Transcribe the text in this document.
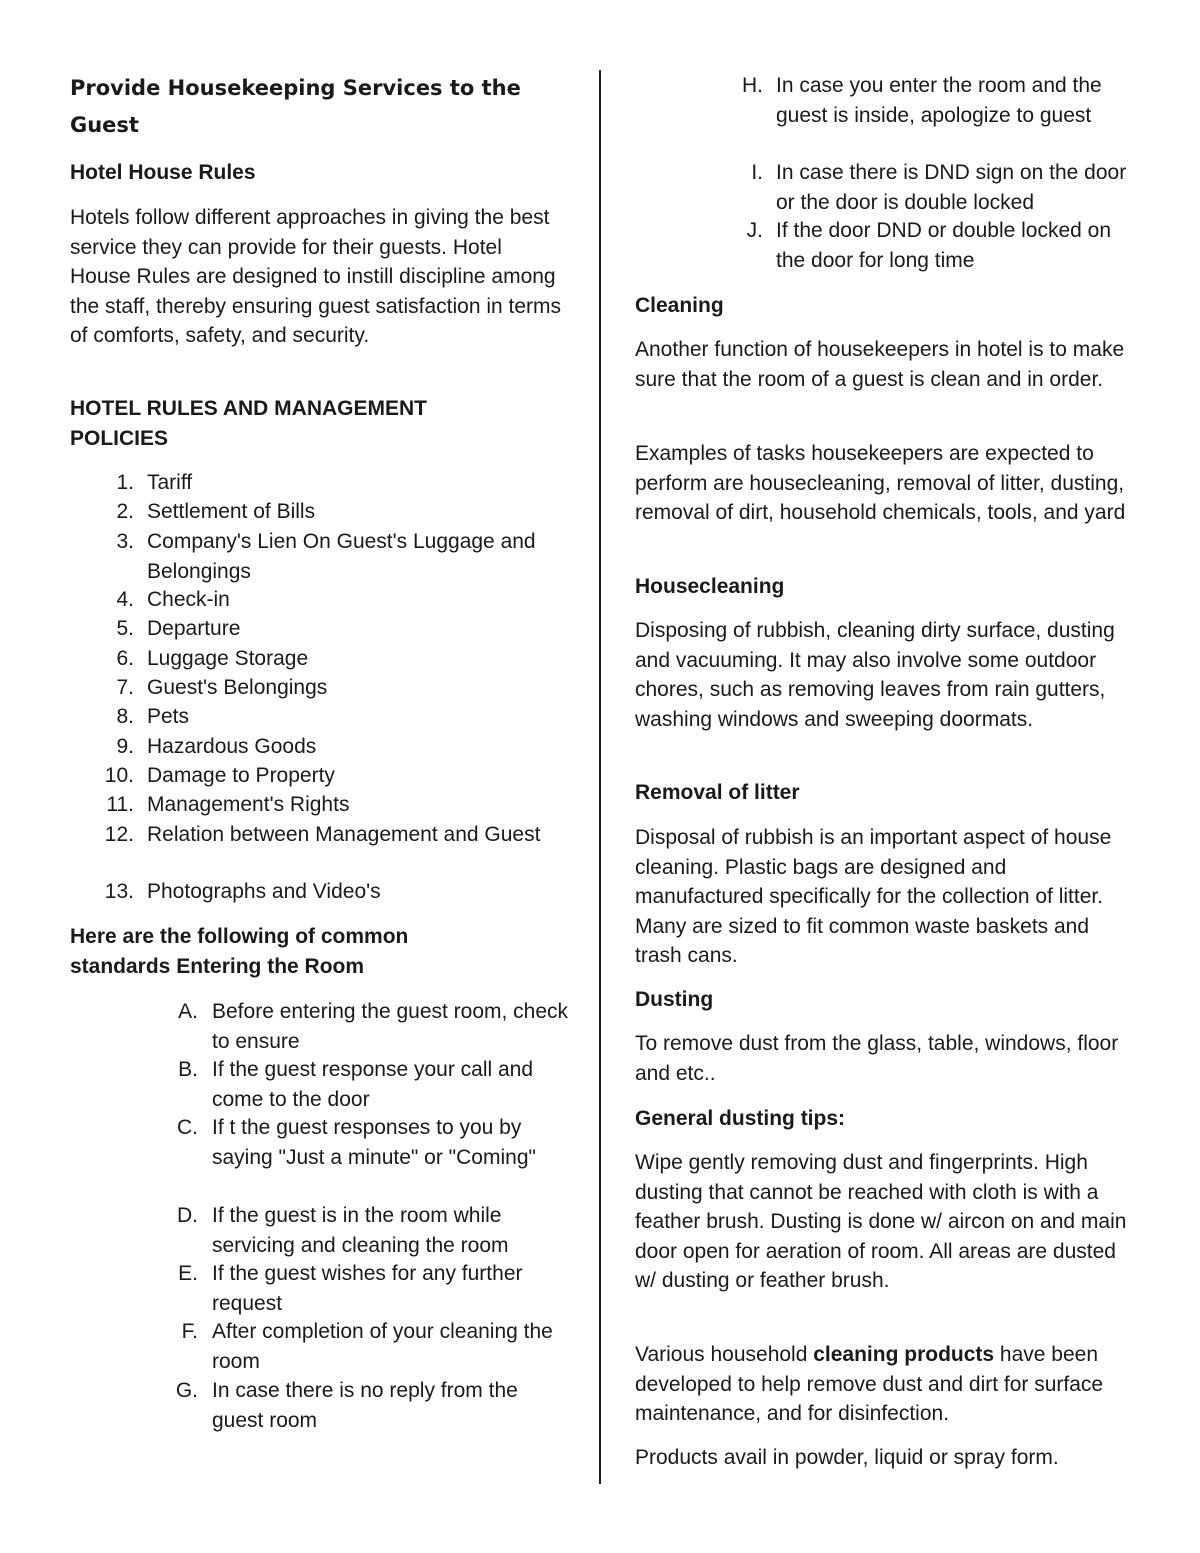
Provide Housekeeping Services to the Guest
Hotel House Rules

Hotels follow different approaches in giving the best service they can provide for their guests. Hotel House Rules are designed to instill discipline among the staff, thereby ensuring guest satisfaction in terms of comforts, safety, and security.

HOTEL RULES AND MANAGEMENT POLICIES
1. Tariff
2. Settlement of Bills
3. Company's Lien On Guest's Luggage and Belongings
4. Check-in
5. Departure
6. Luggage Storage
7. Guest's Belongings
8. Pets
9. Hazardous Goods
10. Damage to Property
11. Management's Rights
12. Relation between Management and Guest
13. Photographs and Video's
Here are the following of common standards Entering the Room
A. Before entering the guest room, check to ensure
B. If the guest response your call and come to the door
C. If t the guest responses to you by saying "Just a minute" or "Coming"
D. If the guest is in the room while servicing and cleaning the room
E. If the guest wishes for any further request
F. After completion of your cleaning the room
G. In case there is no reply from the guest room
H. In case you enter the room and the guest is inside, apologize to guest
I. In case there is DND sign on the door or the door is double locked
J. If the door DND or double locked on the door for long time
Cleaning

Another function of housekeepers in hotel is to make sure that the room of a guest is clean and in order.

Examples of tasks housekeepers are expected to perform are housecleaning, removal of litter, dusting, removal of dirt, household chemicals, tools, and yard

Housecleaning

Disposing of rubbish, cleaning dirty surface, dusting and vacuuming. It may also involve some outdoor chores, such as removing leaves from rain gutters, washing windows and sweeping doormats.

Removal of litter

Disposal of rubbish is an important aspect of house cleaning. Plastic bags are designed and manufactured specifically for the collection of litter. Many are sized to fit common waste baskets and trash cans.

Dusting

To remove dust from the glass, table, windows, floor and etc..

General dusting tips:

Wipe gently removing dust and fingerprints. High dusting that cannot be reached with cloth is with a feather brush. Dusting is done w/ aircon on and main door open for aeration of room. All areas are dusted w/ dusting or feather brush.

Various household cleaning products have been developed to help remove dust and dirt for surface maintenance, and for disinfection.

Products avail in powder, liquid or spray form.
